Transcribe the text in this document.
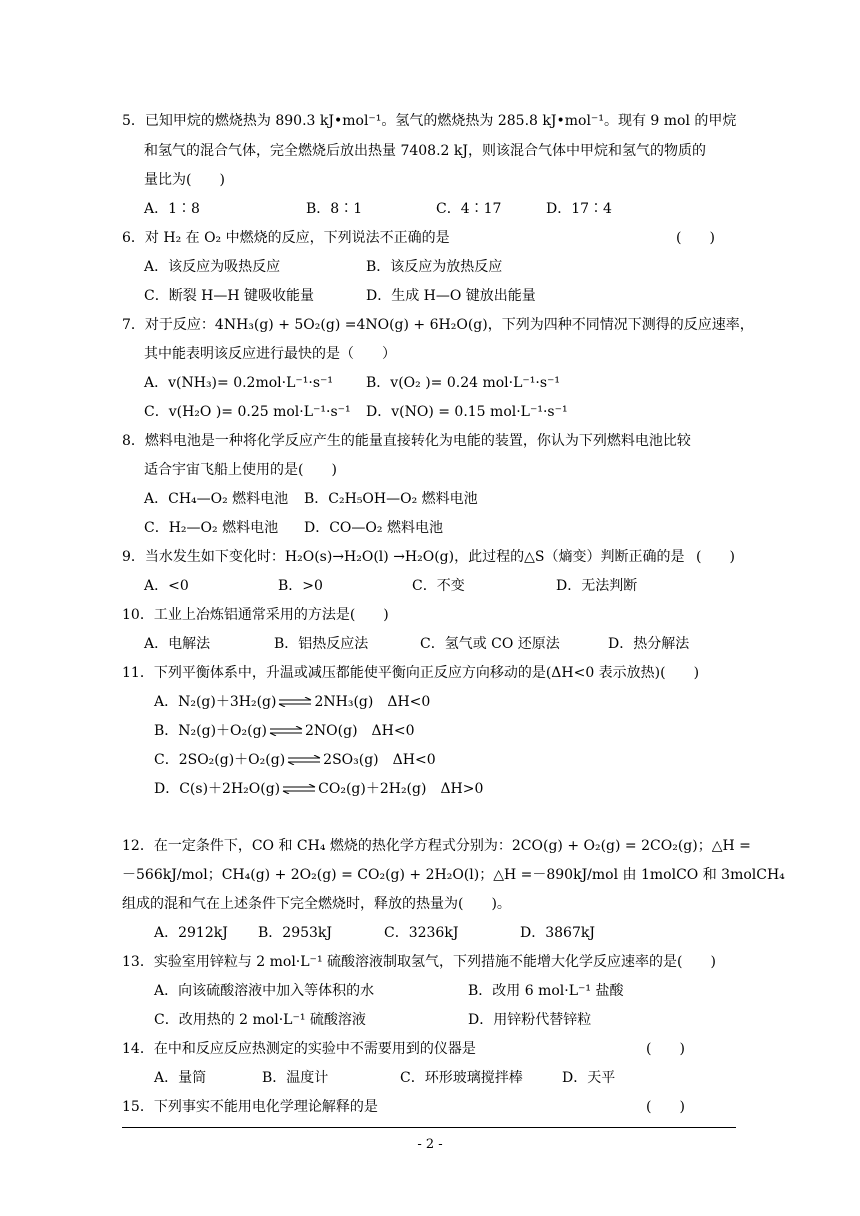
5．已知甲烷的燃烧热为 890.3 kJ•mol⁻¹。氢气的燃烧热为 285.8 kJ•mol⁻¹。现有 9 mol 的甲烷
和氢气的混合气体，完全燃烧后放出热量 7408.2 kJ，则该混合气体中甲烷和氢气的物质的
量比为(　　)
A．1∶8	B．8∶1	C．4∶17	D．17∶4
6．对 H₂ 在 O₂ 中燃烧的反应，下列说法不正确的是	(　　)
A．该反应为吸热反应	B．该反应为放热反应
C．断裂 H—H 键吸收能量	D．生成 H—O 键放出能量
7．对于反应：4NH₃(g) + 5O₂(g) =4NO(g) + 6H₂O(g)，下列为四种不同情况下测得的反应速率，
其中能表明该反应进行最快的是（　　）
A．v(NH₃)= 0.2mol·L⁻¹·s⁻¹ B．v(O₂ )= 0.24 mol·L⁻¹·s⁻¹
C．v(H₂O )= 0.25 mol·L⁻¹·s⁻¹ D．v(NO) = 0.15 mol·L⁻¹·s⁻¹
8．燃料电池是一种将化学反应产生的能量直接转化为电能的装置，你认为下列燃料电池比较
适合宇宙飞船上使用的是(　　)
A．CH₄—O₂ 燃料电池 B．C₂H₅OH—O₂ 燃料电池
C．H₂—O₂ 燃料电池 D．CO—O₂ 燃料电池
9．当水发生如下变化时：H₂O(s)→H₂O(l) →H₂O(g)，此过程的△S（熵变）判断正确的是 (　　)
A．<0	B．>0	C．不变	D．无法判断
10．工业上冶炼铝通常采用的方法是(　　)
A．电解法	B．铝热反应法	C．氢气或 CO 还原法	D．热分解法
11．下列平衡体系中，升温或减压都能使平衡向正反应方向移动的是(ΔH<0 表示放热)(　　)
A．N₂(g)＋3H₂(g) ⇌ 2NH₃(g)　ΔH<0
B．N₂(g)＋O₂(g) ⇌ 2NO(g)　ΔH<0
C．2SO₂(g)＋O₂(g) ⇌ 2SO₃(g)　ΔH<0
D．C(s)＋2H₂O(g) ⇌ CO₂(g)＋2H₂(g)　ΔH>0
12．在一定条件下，CO 和 CH₄ 燃烧的热化学方程式分别为：2CO(g) + O₂(g) = 2CO₂(g)；△H =
－566kJ/mol；CH₄(g) + 2O₂(g) = CO₂(g) + 2H₂O(l)；△H =－890kJ/mol 由 1molCO 和 3molCH₄
组成的混和气在上述条件下完全燃烧时，释放的热量为(　　)。
A．2912kJ B．2953kJ	C．3236kJ	D．3867kJ
13．实验室用锌粒与 2 mol·L⁻¹ 硫酸溶液制取氢气，下列措施不能增大化学反应速率的是(　　)
A．向该硫酸溶液中加入等体积的水	B．改用 6 mol·L⁻¹ 盐酸
C．改用热的 2 mol·L⁻¹ 硫酸溶液	D．用锌粉代替锌粒
14．在中和反应反应热测定的实验中不需要用到的仪器是	(　　)
A．量筒	B．温度计	C．环形玻璃搅拌棒	D．天平
15．下列事实不能用电化学理论解释的是	(　　)
- 2 -
